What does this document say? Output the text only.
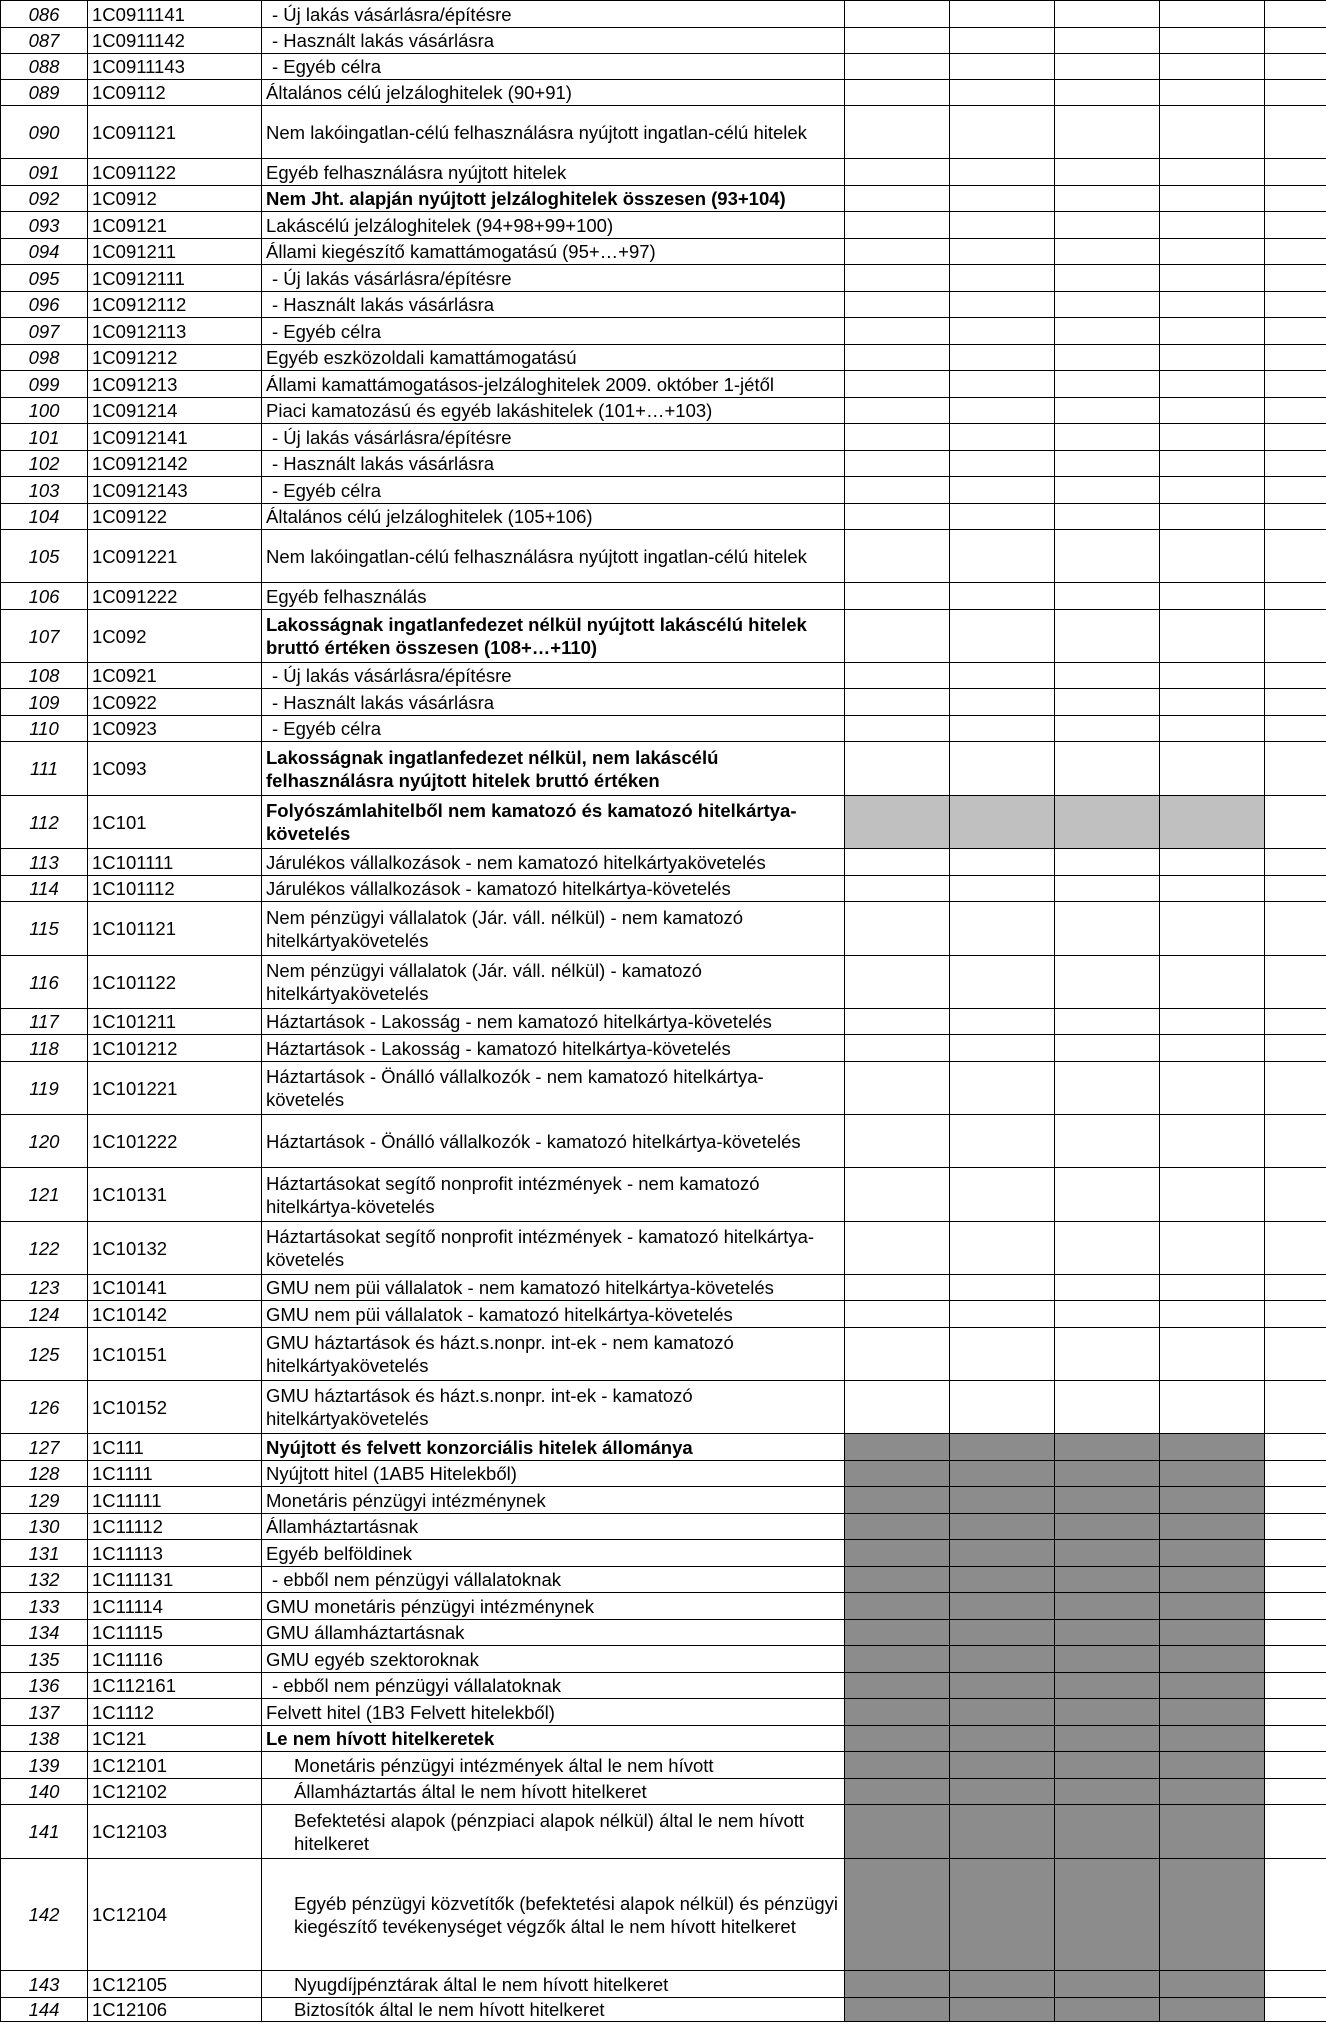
086	1C0911141	- Új lakás vásárlásra/építésre					
087	1C0911142	- Használt lakás vásárlásra					
088	1C0911143	- Egyéb célra					
089	1C09112	Általános célú jelzáloghitelek (90+91)					
090	1C091121	Nem lakóingatlan-célú felhasználásra nyújtott ingatlan-célú hitelek					
091	1C091122	Egyéb felhasználásra nyújtott hitelek					
092	1C0912	Nem Jht. alapján nyújtott jelzáloghitelek összesen (93+104)					
093	1C09121	Lakáscélú jelzáloghitelek (94+98+99+100)					
094	1C091211	Állami kiegészítő kamattámogatású (95+…+97)					
095	1C0912111	- Új lakás vásárlásra/építésre					
096	1C0912112	- Használt lakás vásárlásra					
097	1C0912113	- Egyéb célra					
098	1C091212	Egyéb eszközoldali kamattámogatású					
099	1C091213	Állami kamattámogatásos-jelzáloghitelek 2009. október 1-jétől					
100	1C091214	Piaci kamatozású és egyéb lakáshitelek (101+…+103)					
101	1C0912141	- Új lakás vásárlásra/építésre					
102	1C0912142	- Használt lakás vásárlásra					
103	1C0912143	- Egyéb célra					
104	1C09122	Általános célú jelzáloghitelek (105+106)					
105	1C091221	Nem lakóingatlan-célú felhasználásra nyújtott ingatlan-célú hitelek					
106	1C091222	Egyéb felhasználás					
107	1C092	Lakosságnak ingatlanfedezet nélkül nyújtott lakáscélú hitelek bruttó értéken összesen (108+…+110)					
108	1C0921	- Új lakás vásárlásra/építésre					
109	1C0922	- Használt lakás vásárlásra					
110	1C0923	- Egyéb célra					
111	1C093	Lakosságnak ingatlanfedezet nélkül, nem lakáscélú felhasználásra nyújtott hitelek bruttó értéken					
112	1C101	Folyószámlahitelből nem kamatozó és kamatozó hitelkártya-követelés					
113	1C101111	Járulékos vállalkozások - nem kamatozó hitelkártyakövetelés					
114	1C101112	Járulékos vállalkozások - kamatozó hitelkártya-követelés					
115	1C101121	Nem pénzügyi vállalatok (Jár. váll. nélkül) - nem kamatozó hitelkártyakövetelés					
116	1C101122	Nem pénzügyi vállalatok (Jár. váll. nélkül) - kamatozó hitelkártyakövetelés					
117	1C101211	Háztartások - Lakosság - nem kamatozó hitelkártya-követelés					
118	1C101212	Háztartások - Lakosság - kamatozó hitelkártya-követelés					
119	1C101221	Háztartások - Önálló vállalkozók - nem kamatozó hitelkártya-követelés					
120	1C101222	Háztartások - Önálló vállalkozók - kamatozó hitelkártya-követelés					
121	1C10131	Háztartásokat segítő nonprofit intézmények - nem kamatozó hitelkártya-követelés					
122	1C10132	Háztartásokat segítő nonprofit intézmények - kamatozó hitelkártya-követelés					
123	1C10141	GMU nem püi vállalatok - nem kamatozó hitelkártya-követelés					
124	1C10142	GMU nem püi vállalatok - kamatozó hitelkártya-követelés					
125	1C10151	GMU háztartások és házt.s.nonpr. int-ek - nem kamatozó hitelkártyakövetelés					
126	1C10152	GMU háztartások és házt.s.nonpr. int-ek - kamatozó hitelkártyakövetelés					
127	1C111	Nyújtott és felvett konzorciális hitelek állománya					
128	1C1111	Nyújtott hitel (1AB5 Hitelekből)					
129	1C11111	Monetáris pénzügyi intézménynek					
130	1C11112	Államháztartásnak					
131	1C11113	Egyéb belföldinek					
132	1C111131	- ebből nem pénzügyi vállalatoknak					
133	1C11114	GMU monetáris pénzügyi intézménynek					
134	1C11115	GMU államháztartásnak					
135	1C11116	GMU egyéb szektoroknak					
136	1C112161	- ebből nem pénzügyi vállalatoknak					
137	1C1112	Felvett hitel (1B3 Felvett hitelekből)					
138	1C121	Le nem hívott hitelkeretek					
139	1C12101	Monetáris pénzügyi intézmények által le nem hívott					
140	1C12102	Államháztartás által le nem hívott hitelkeret					
141	1C12103	Befektetési alapok (pénzpiaci alapok nélkül) által le nem hívott hitelkeret					
142	1C12104	Egyéb pénzügyi közvetítők (befektetési alapok nélkül) és pénzügyi kiegészítő tevékenységet végzők által le nem hívott hitelkeret					
143	1C12105	Nyugdíjpénztárak által le nem hívott hitelkeret					
144	1C12106	Biztosítók által le nem hívott hitelkeret					
